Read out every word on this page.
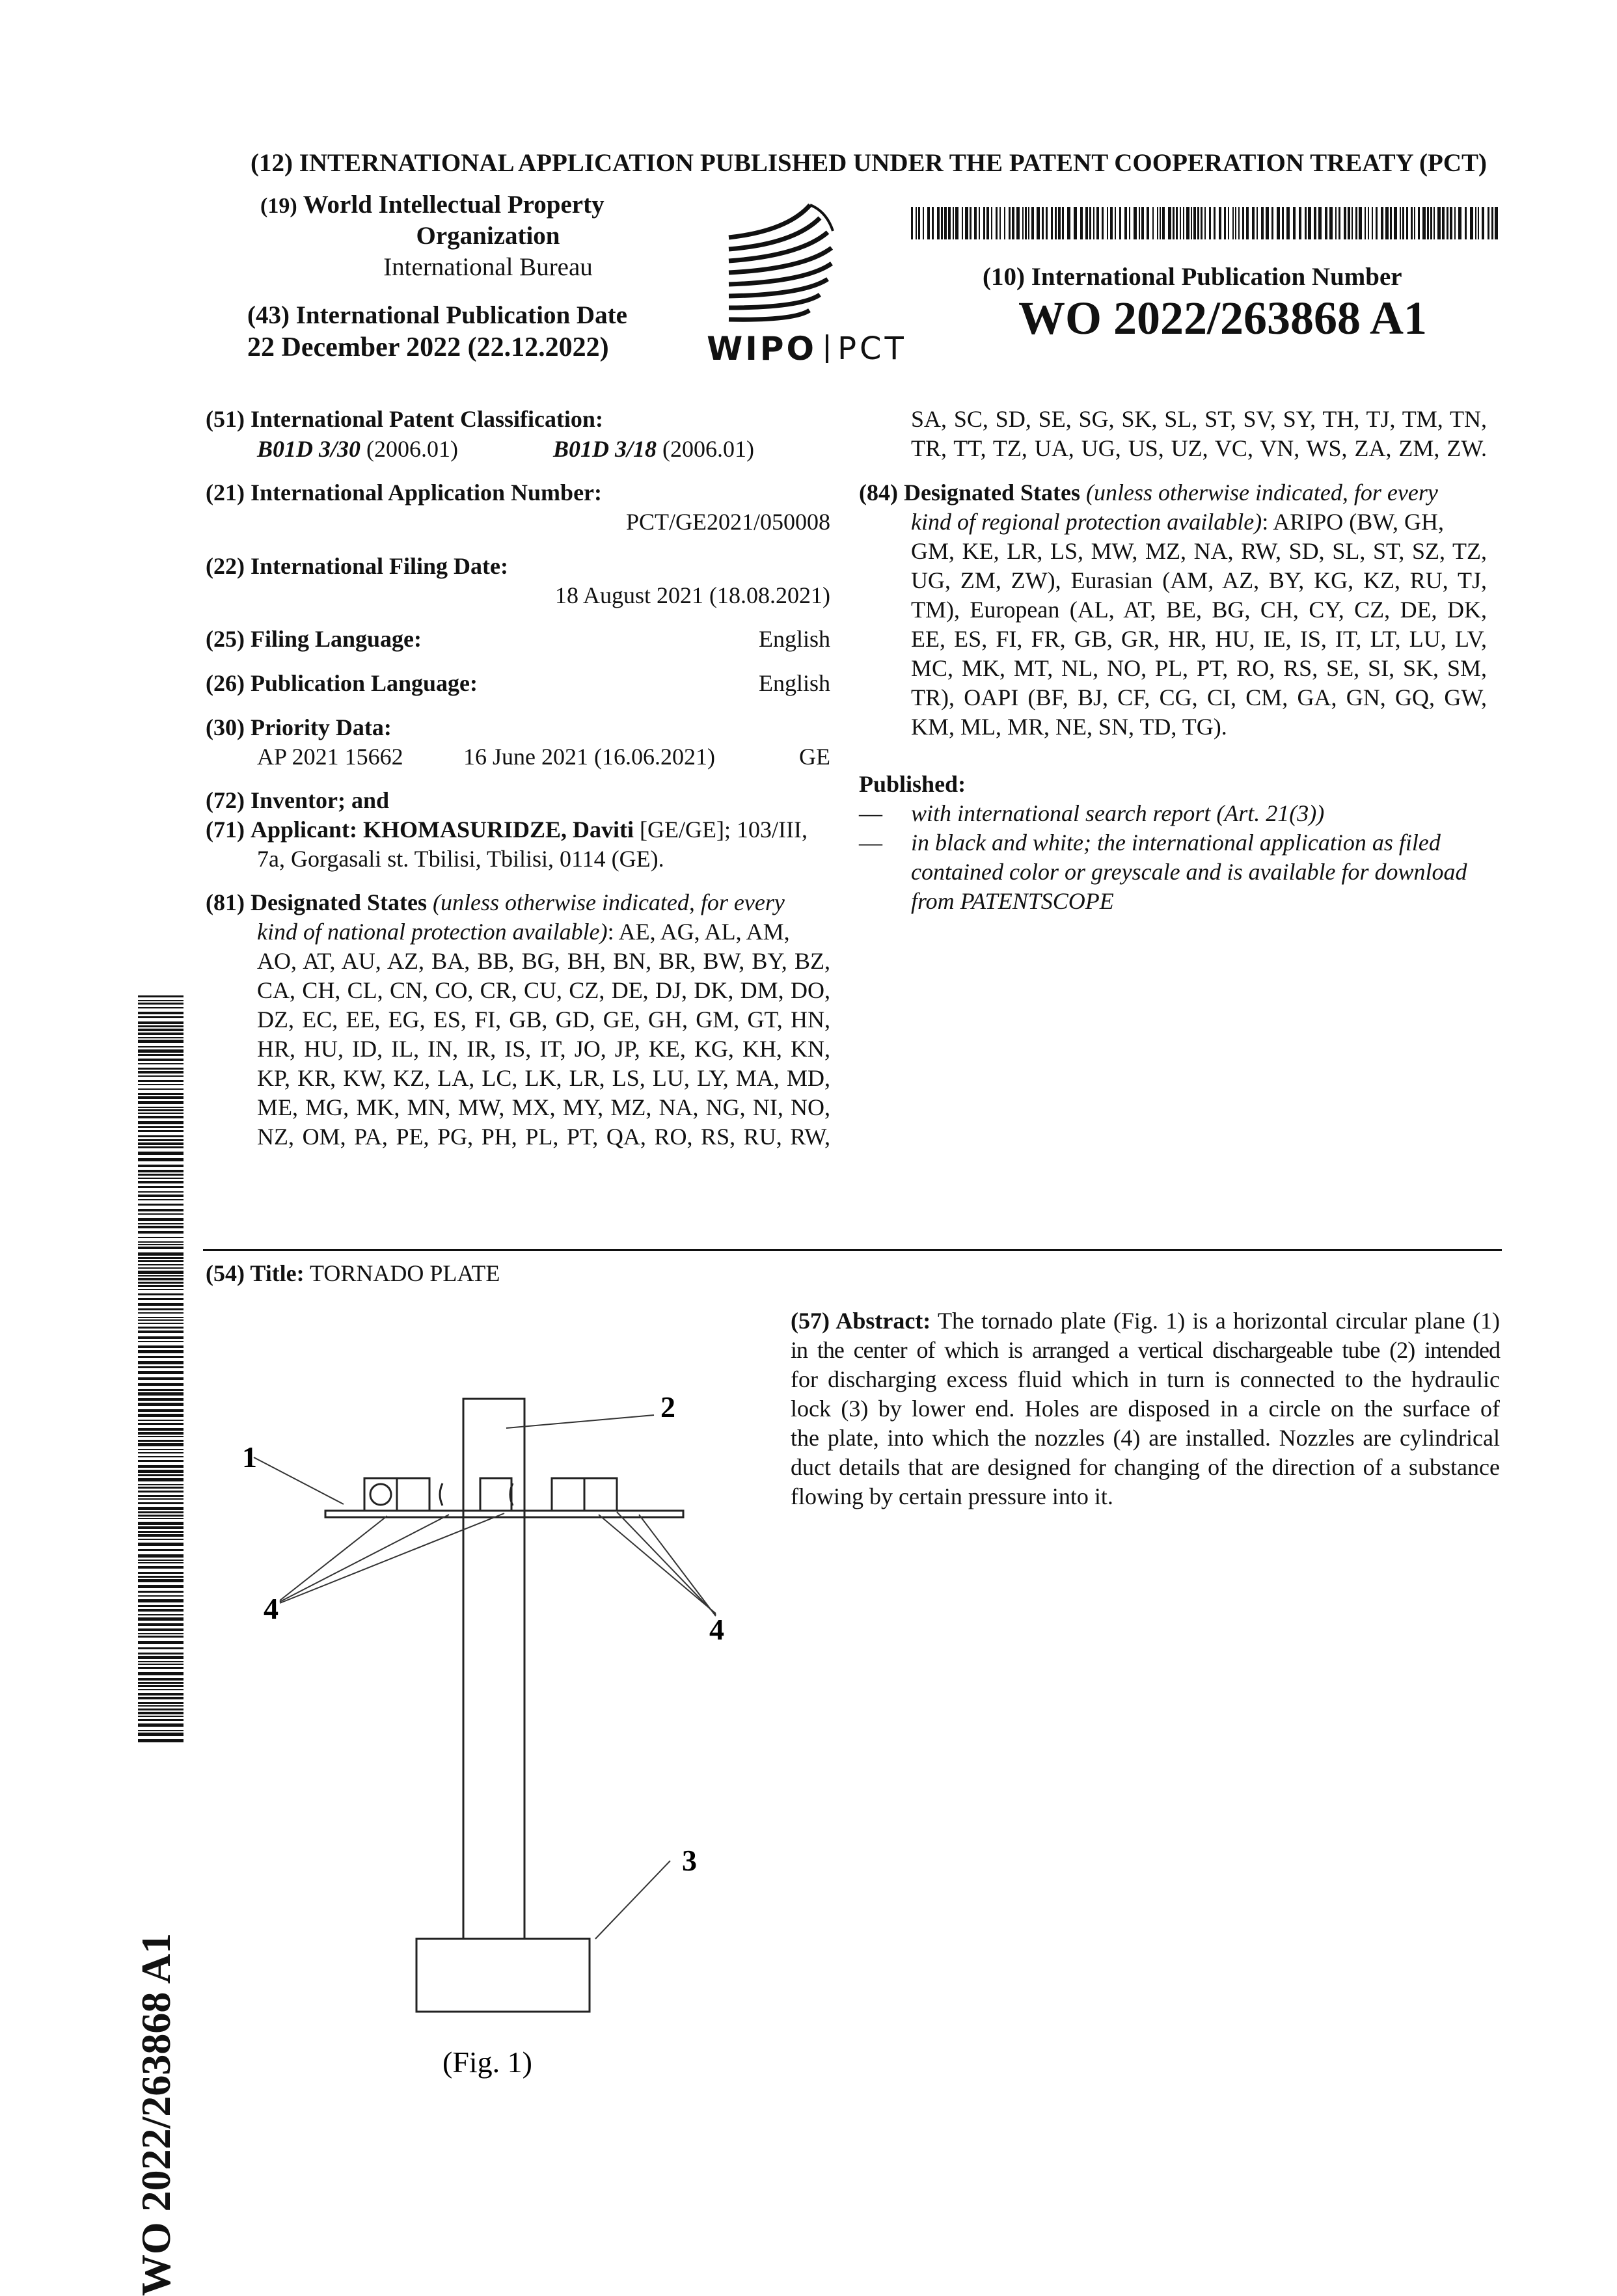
(12) INTERNATIONAL APPLICATION PUBLISHED UNDER THE PATENT COOPERATION TREATY (PCT)
(19) World Intellectual Property
Organization
International Bureau
(43) International Publication Date
22 December 2022 (22.12.2022)	WIPO PCT
(10) International Publication Number
WO 2022/263868 A1
WO 2022/263868 A1
(51) International Patent Classification:
B01D 3/30 (2006.01)	B01D 3/18 (2006.01)
(21) International Application Number:
PCT/GE2021/050008
(22) International Filing Date:
18 August 2021 (18.08.2021)
(25) Filing Language:	English
(26) Publication Language:	English
(30) Priority Data:
AP 2021 15662	16 June 2021 (16.06.2021)	GE
(72) Inventor; and
(71) Applicant: KHOMASURIDZE, Daviti [GE/GE]; 103/III,
7a, Gorgasali st. Tbilisi, Tbilisi, 0114 (GE).
(81) Designated States (unless otherwise indicated, for every
kind of national protection available): AE, AG, AL, AM,
AO, AT, AU, AZ, BA, BB, BG, BH, BN, BR, BW, BY, BZ,
CA, CH, CL, CN, CO, CR, CU, CZ, DE, DJ, DK, DM, DO,
DZ, EC, EE, EG, ES, FI, GB, GD, GE, GH, GM, GT, HN,
HR, HU, ID, IL, IN, IR, IS, IT, JO, JP, KE, KG, KH, KN,
KP, KR, KW, KZ, LA, LC, LK, LR, LS, LU, LY, MA, MD,
ME, MG, MK, MN, MW, MX, MY, MZ, NA, NG, NI, NO,
NZ, OM, PA, PE, PG, PH, PL, PT, QA, RO, RS, RU, RW,
SA, SC, SD, SE, SG, SK, SL, ST, SV, SY, TH, TJ, TM, TN,
TR, TT, TZ, UA, UG, US, UZ, VC, VN, WS, ZA, ZM, ZW.
(84) Designated States (unless otherwise indicated, for every
kind of regional protection available): ARIPO (BW, GH,
GM, KE, LR, LS, MW, MZ, NA, RW, SD, SL, ST, SZ, TZ,
UG, ZM, ZW), Eurasian (AM, AZ, BY, KG, KZ, RU, TJ,
TM), European (AL, AT, BE, BG, CH, CY, CZ, DE, DK,
EE, ES, FI, FR, GB, GR, HR, HU, IE, IS, IT, LT, LU, LV,
MC, MK, MT, NL, NO, PL, PT, RO, RS, SE, SI, SK, SM,
TR), OAPI (BF, BJ, CF, CG, CI, CM, GA, GN, GQ, GW,
KM, ML, MR, NE, SN, TD, TG).
Published:
— with international search report (Art. 21(3))
— in black and white; the international application as filed
contained color or greyscale and is available for download
from PATENTSCOPE
(54) Title: TORNADO PLATE
(57) Abstract: The tornado plate (Fig. 1) is a horizontal circular plane (1)
in the center of which is arranged a vertical dischargeable tube (2) intended
for discharging excess fluid which in turn is connected to the hydraulic
lock (3) by lower end. Holes are disposed in a circle on the surface of
the plate, into which the nozzles (4) are installed. Nozzles are cylindrical
duct details that are designed for changing of the direction of a substance
flowing by certain pressure into it.
1
2
3
4
4
(Fig. 1)
